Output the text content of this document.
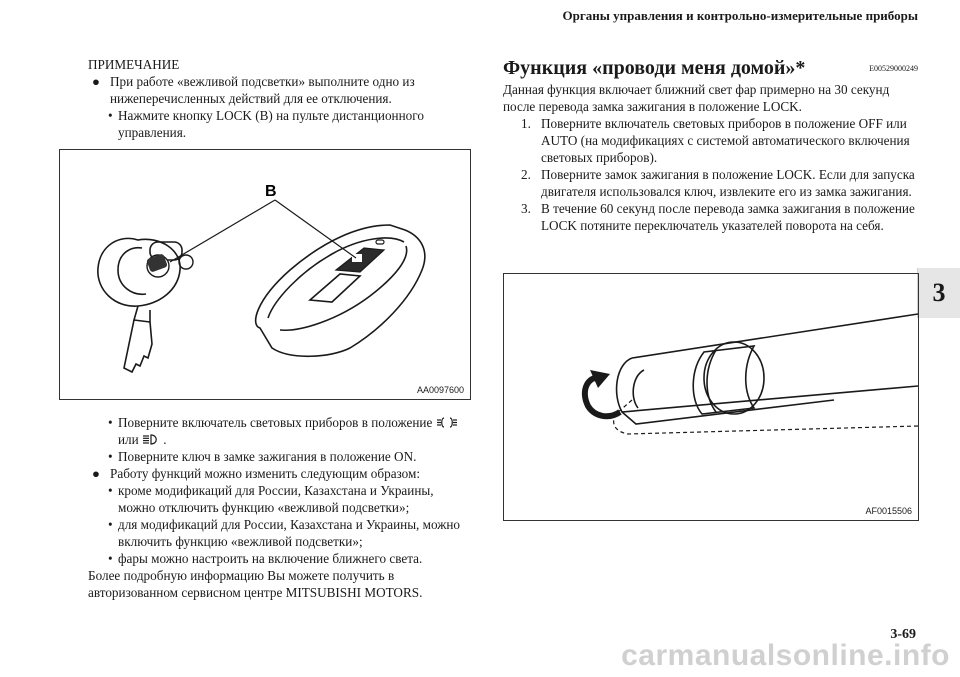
Органы управления и контрольно-измерительные приборы
3

ПРИМЕЧАНИЕ

● При работе «вежливой подсветки» выполните одно из нижеперечисленных действий для ее отключения.

• Нажмите кнопку LOCK (B) на пульте дистанционного управления.

B
AA0097600

• Поверните включатель световых приборов в положение
или .

• Поверните ключ в замке зажигания в положение ON.

● Работу функций можно изменить следующим образом:

• кроме модификаций для России, Казахстана и Украины, можно отключить функцию «вежливой подсветки»;

• для модификаций для России, Казахстана и Украины, можно включить функцию «вежливой подсветки»;

• фары можно настроить на включение ближнего света.

Более подробную информацию Вы можете получить в авторизованном сервисном центре MITSUBISHI MOTORS.

Функция «проводи меня домой»*	E00529000249

Данная функция включает ближний свет фар примерно на 30 секунд после перевода замка зажигания в положение LOCK.

1. Поверните включатель световых приборов в положение OFF или AUTO (на модификациях с системой автоматического включения световых приборов).

2. Поверните замок зажигания в положение LOCK. Если для запуска двигателя использовался ключ, извлеките его из замка зажигания.

3. В течение 60 секунд после перевода замка зажигания в положение LOCK потяните переключатель указателей поворота на себя.

AF0015506
3-69
carmanualsonline.info
